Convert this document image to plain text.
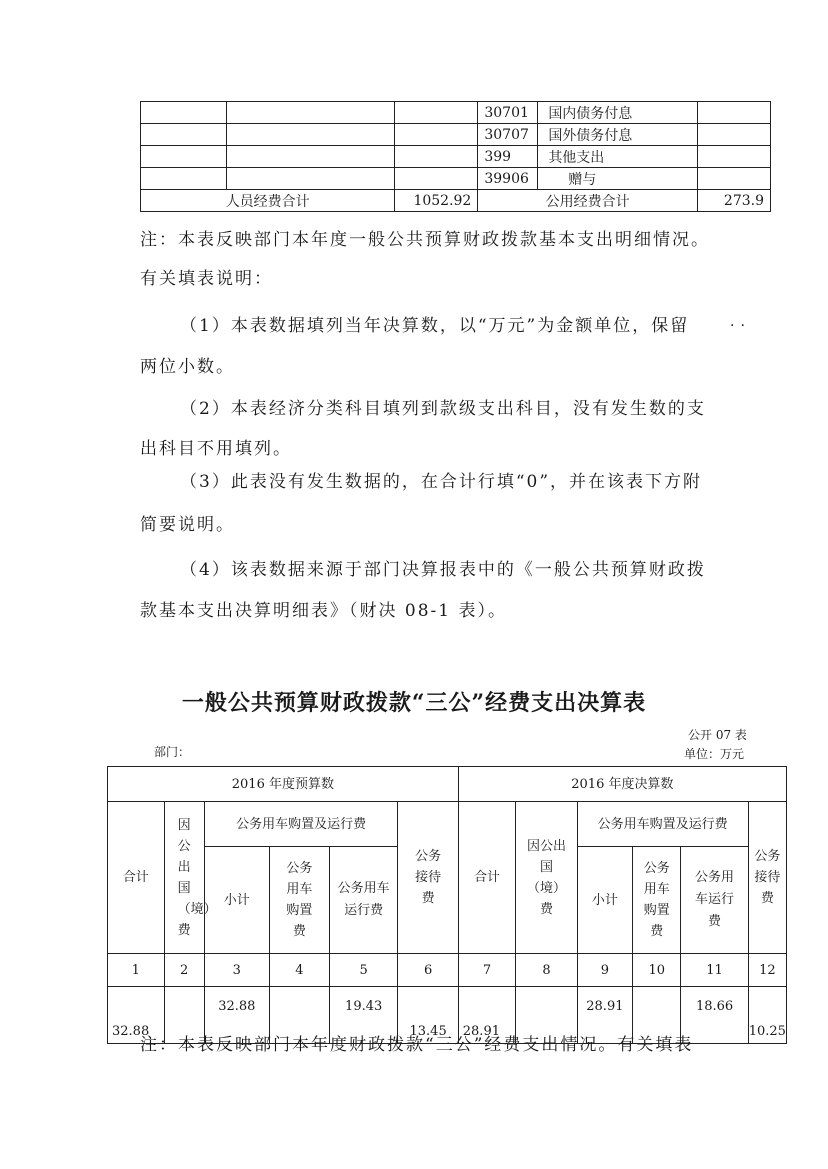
			30701	国内债务付息	
			30707	国外债务付息	
			399	其他支出	
			39906	赠与	
人员经费合计		1052.92	公用经费合计		273.9
注：本表反映部门本年度一般公共预算财政拨款基本支出明细情况。
有关填表说明：
（1）本表数据填列当年决算数，以“万元”为金额单位，保留	··
两位小数。
（2）本表经济分类科目填列到款级支出科目，没有发生数的支
出科目不用填列。
（3）此表没有发生数据的，在合计行填“0”，并在该表下方附
简要说明。
（4）该表数据来源于部门决算报表中的《一般公共预算财政拨
款基本支出决算明细表》（财决 08-1 表）。
一般公共预算财政拨款“三公”经费支出决算表
公开 07 表
部门：	单位：万元
2016 年度预算数						2016 年度决算数					
合计	因公出国（境）费	公务用车购置及运行费			公务接待费	合计	因公出国（境）费	公务用车购置及运行费			公务接待费

		小计	公务用车购置费	公务用车运行费				小计	公务用车购置费	公务用车运行费	

1	2	3	4	5	6	7	8	9	10	11	12
32.88		32.88		19.43	13.45	28.91		28.91		18.66	10.25
注：本表反映部门本年度财政拨款“三公”经费支出情况。有关填表
